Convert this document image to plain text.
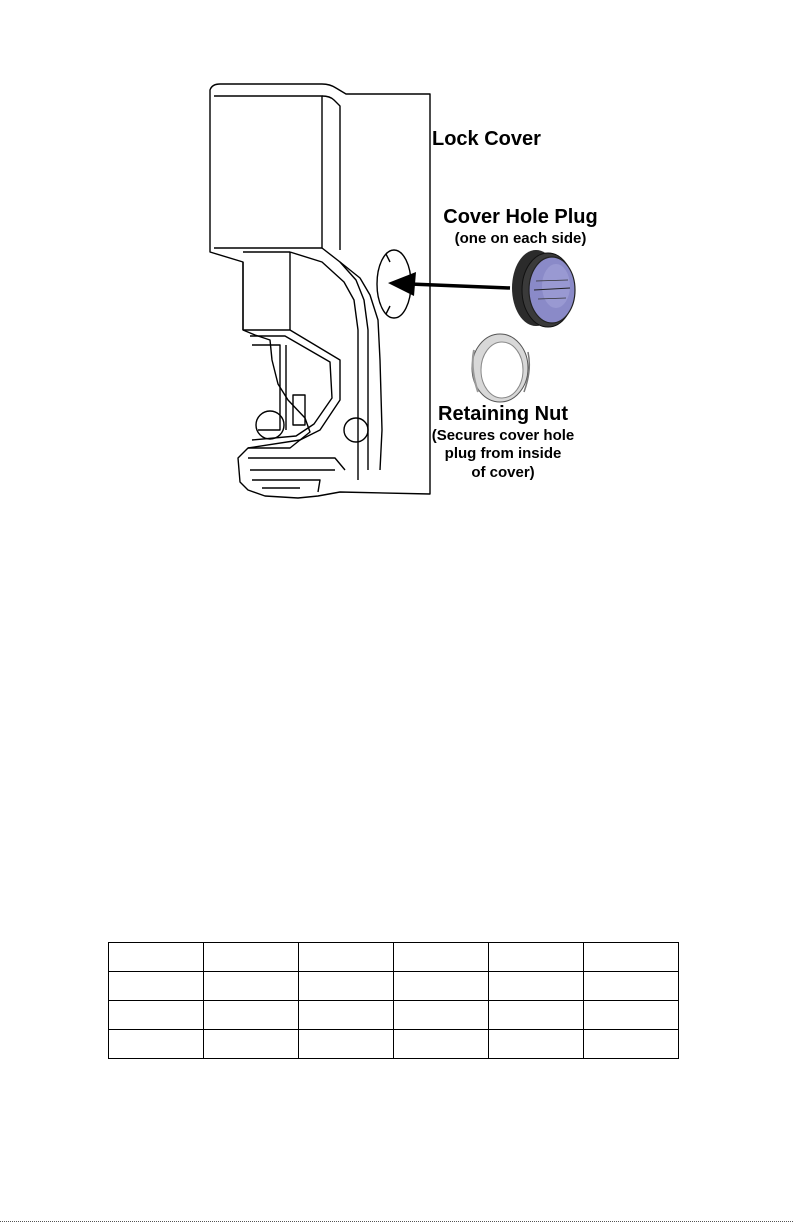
Lock Cover
Cover Hole Plug
(one on each side)
Retaining Nut
(Secures cover hole
plug from inside
of cover)
